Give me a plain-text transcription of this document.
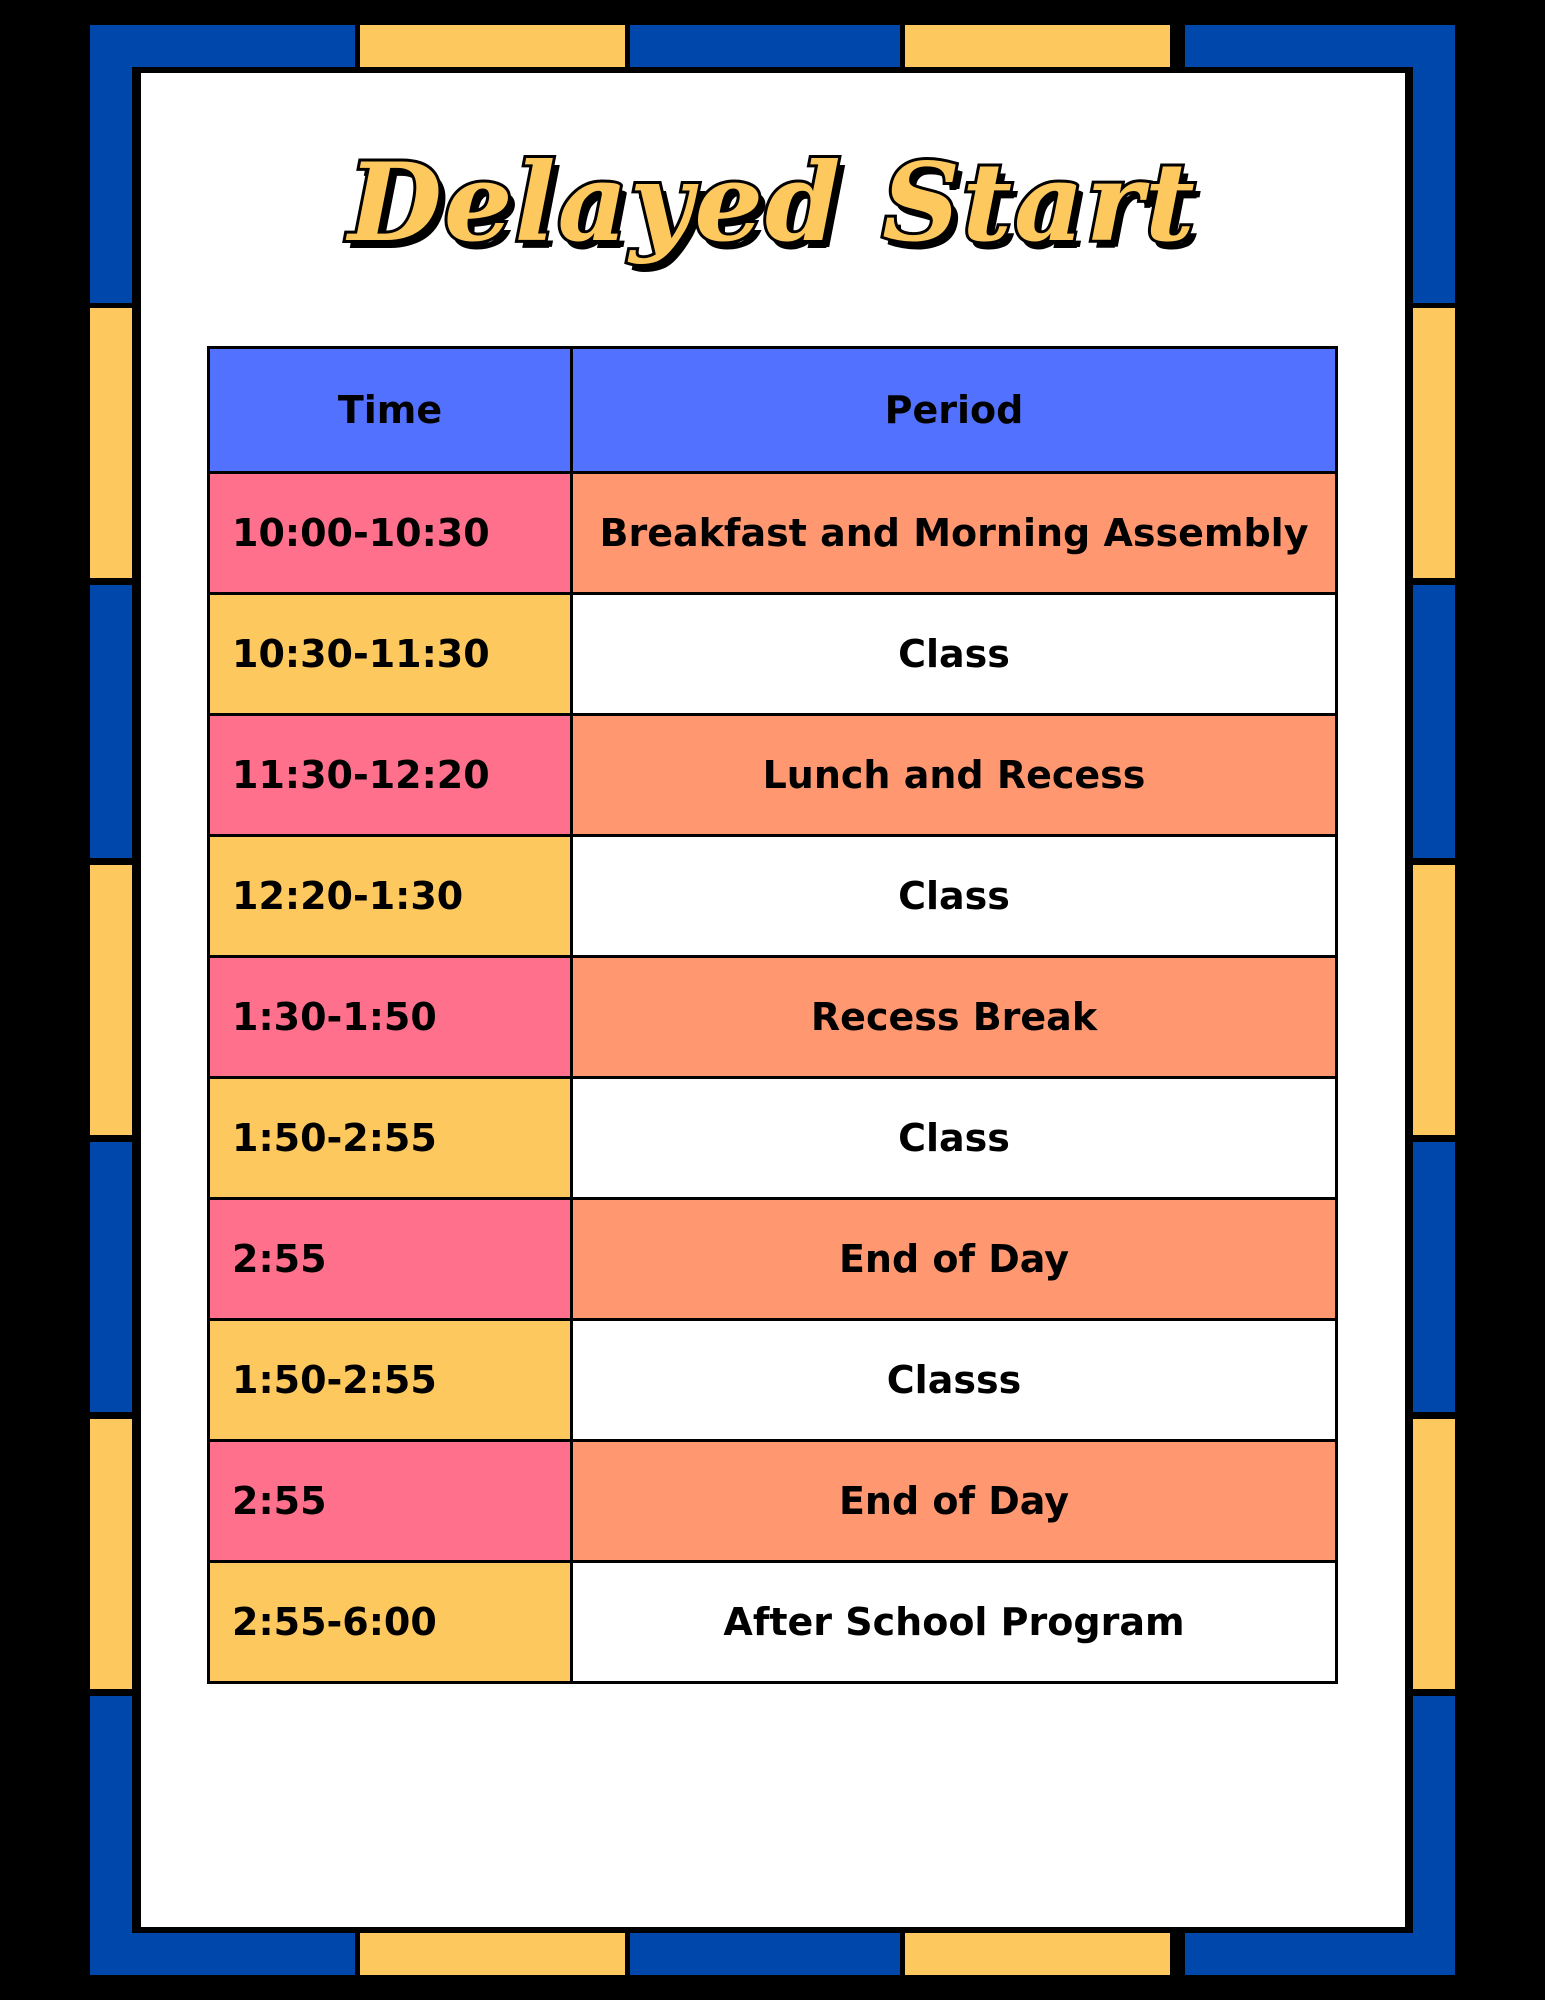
Delayed Start
Time	Period
10:00-10:30	Breakfast and Morning Assembly
10:30-11:30	Class
11:30-12:20	Lunch and Recess
12:20-1:30	Class
1:30-1:50	Recess Break
1:50-2:55	Class
2:55	End of Day
1:50-2:55	Classs
2:55	End of Day
2:55-6:00	After School Program
